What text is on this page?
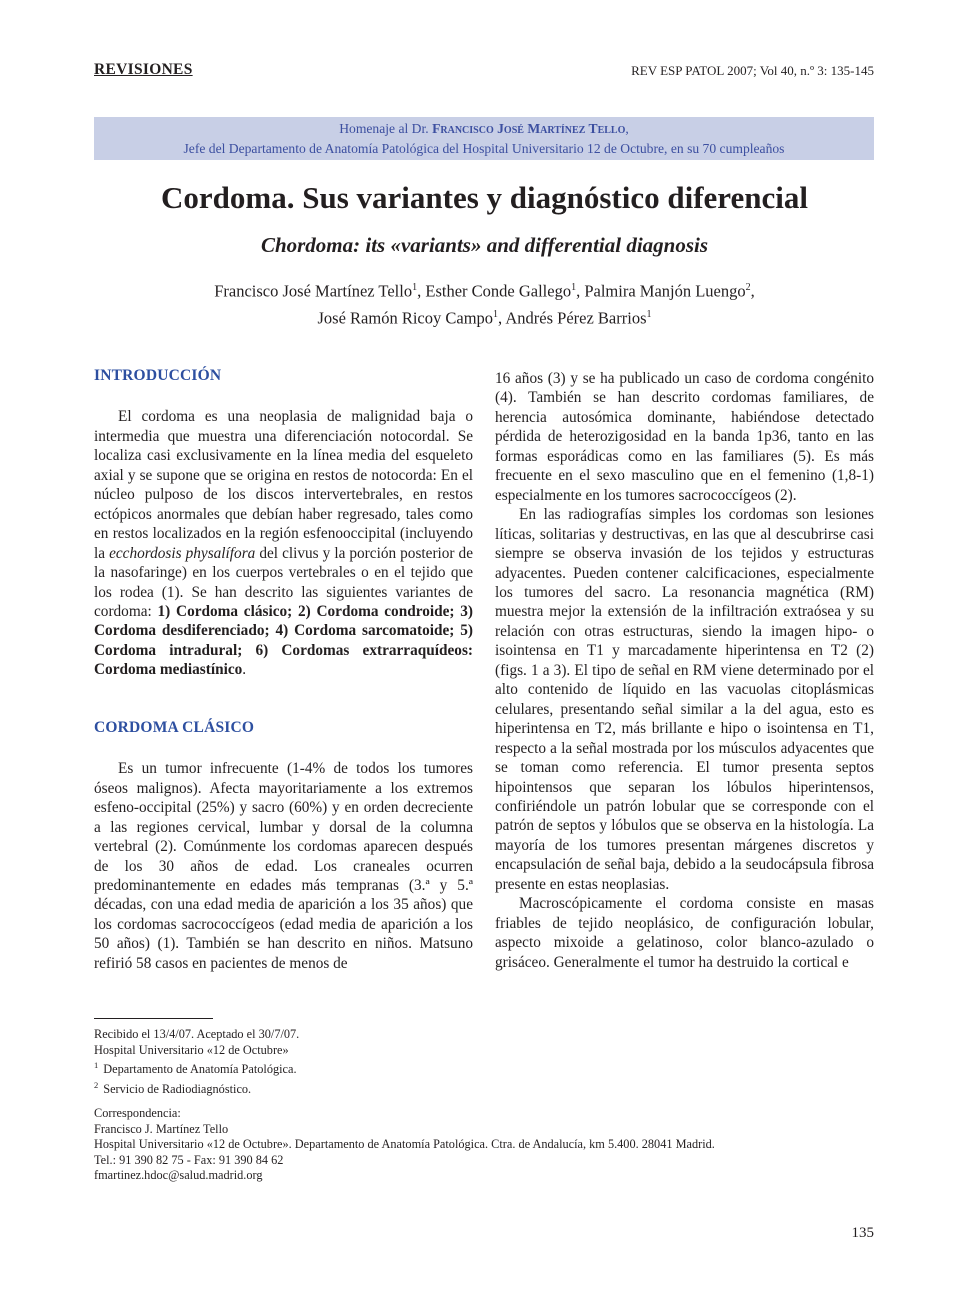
REVISIONES	REV ESP PATOL 2007; Vol 40, n.º 3: 135-145
Homenaje al Dr. Francisco José Martínez Tello,
Jefe del Departamento de Anatomía Patológica del Hospital Universitario 12 de Octubre, en su 70 cumpleaños
Cordoma. Sus variantes y diagnóstico diferencial
Chordoma: its «variants» and differential diagnosis
Francisco José Martínez Tello$^1$, Esther Conde Gallego$^1$, Palmira Manjón Luengo$^2$,
José Ramón Ricoy Campo$^1$, Andrés Pérez Barrios$^1$
INTRODUCCIÓN

El cordoma es una neoplasia de malignidad baja o intermedia que muestra una diferenciación notocordal. Se localiza casi exclusivamente en la línea media del esqueleto axial y se supone que se origina en restos de notocorda: En el núcleo pulposo de los discos intervertebrales, en restos ectópicos anormales que debían haber regresado, tales como en restos localizados en la región esfenooccipital (incluyendo la ecchordosis physalífora del clivus y la porción posterior de la nasofaringe) en los cuerpos vertebrales o en el tejido que los rodea (1). Se han descrito las siguientes variantes de cordoma: 1) Cordoma clásico; 2) Cordoma condroide; 3) Cordoma desdiferenciado; 4) Cordoma sarcomatoide; 5) Cordoma intradural; 6) Cordomas extrarraquídeos: Cordoma mediastínico.

CORDOMA CLÁSICO

Es un tumor infrecuente (1-4% de todos los tumores óseos malignos). Afecta mayoritariamente a los extremos esfeno-occipital (25%) y sacro (60%) y en orden decreciente a las regiones cervical, lumbar y dorsal de la columna vertebral (2). Comúnmente los cordomas aparecen después de los 30 años de edad. Los craneales ocurren predominantemente en edades más tempranas (3.ª y 5.ª décadas, con una edad media de aparición a los 35 años) que los cordomas sacrococcígeos (edad media de aparición a los 50 años) (1). También se han descrito en niños. Matsuno refirió 58 casos en pacientes de menos de

16 años (3) y se ha publicado un caso de cordoma congénito (4). También se han descrito cordomas familiares, de herencia autosómica dominante, habiéndose detectado pérdida de heterozigosidad en la banda 1p36, tanto en las formas esporádicas como en las familiares (5). Es más frecuente en el sexo masculino que en el femenino (1,8-1) especialmente en los tumores sacrococcígeos (2).

En las radiografías simples los cordomas son lesiones líticas, solitarias y destructivas, en las que al descubrirse casi siempre se observa invasión de los tejidos y estructuras adyacentes. Pueden contener calcificaciones, especialmente los tumores del sacro. La resonancia magnética (RM) muestra mejor la extensión de la infiltración extraósea y su relación con otras estructuras, siendo la imagen hipo- o isointensa en T1 y marcadamente hiperintensa en T2 (2) (figs. 1 a 3). El tipo de señal en RM viene determinado por el alto contenido de líquido en las vacuolas citoplásmicas celulares, presentando señal similar a la del agua, esto es hiperintensa en T2, más brillante e hipo o isointensa en T1, respecto a la señal mostrada por los músculos adyacentes que se toman como referencia. El tumor presenta septos hipointensos que separan los lóbulos hiperintensos, confiriéndole un patrón lobular que se corresponde con el patrón de septos y lóbulos que se observa en la histología. La mayoría de los tumores presentan márgenes discretos y encapsulación de señal baja, debido a la seudocápsula fibrosa presente en estas neoplasias.

Macroscópicamente el cordoma consiste en masas friables de tejido neoplásico, de configuración lobular, aspecto mixoide a gelatinoso, color blanco-azulado o grisáceo. Generalmente el tumor ha destruido la cortical e

Recibido el 13/4/07. Aceptado el 30/7/07.
Hospital Universitario «12 de Octubre»
$^1$ Departamento de Anatomía Patológica.
$^2$ Servicio de Radiodiagnóstico.
Correspondencia:
Francisco J. Martínez Tello
Hospital Universitario «12 de Octubre». Departamento de Anatomía Patológica. Ctra. de Andalucía, km 5.400. 28041 Madrid.
Tel.: 91 390 82 75 - Fax: 91 390 84 62
fmartinez.hdoc@salud.madrid.org
135
